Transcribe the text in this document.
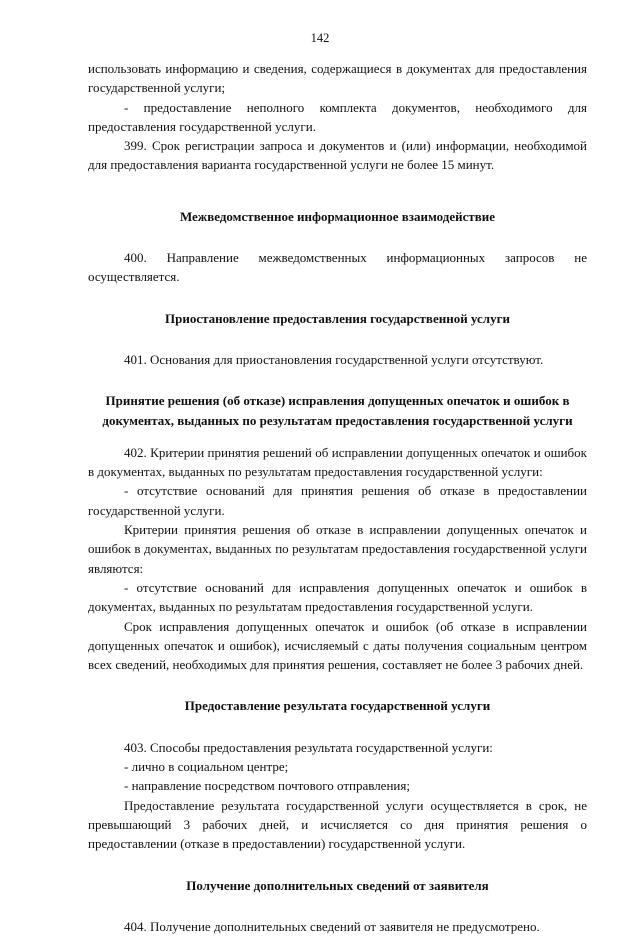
142

использовать информацию и сведения, содержащиеся в документах для предоставления государственной услуги;

- предоставление неполного комплекта документов, необходимого для предоставления государственной услуги.

399. Срок регистрации запроса и документов и (или) информации, необходимой для предоставления варианта государственной услуги не более 15 минут.

Межведомственное информационное взаимодействие

400. Направление межведомственных информационных запросов не осуществляется.

Приостановление предоставления государственной услуги

401. Основания для приостановления государственной услуги отсутствуют.

Принятие решения (об отказе) исправления допущенных опечаток и ошибок в документах, выданных по результатам предоставления государственной услуги

402. Критерии принятия решений об исправлении допущенных опечаток и ошибок в документах, выданных по результатам предоставления государственной услуги:

- отсутствие оснований для принятия решения об отказе в предоставлении государственной услуги.

Критерии принятия решения об отказе в исправлении допущенных опечаток и ошибок в документах, выданных по результатам предоставления государственной услуги являются:

- отсутствие оснований для исправления допущенных опечаток и ошибок в документах, выданных по результатам предоставления государственной услуги.

Срок исправления допущенных опечаток и ошибок (об отказе в исправлении допущенных опечаток и ошибок), исчисляемый с даты получения социальным центром всех сведений, необходимых для принятия решения, составляет не более 3 рабочих дней.

Предоставление результата государственной услуги

403. Способы предоставления результата государственной услуги:

- лично в социальном центре;

- направление посредством почтового отправления;

Предоставление результата государственной услуги осуществляется в срок, не превышающий 3 рабочих дней, и исчисляется со дня принятия решения о предоставлении (отказе в предоставлении) государственной услуги.

Получение дополнительных сведений от заявителя

404. Получение дополнительных сведений от заявителя не предусмотрено.
